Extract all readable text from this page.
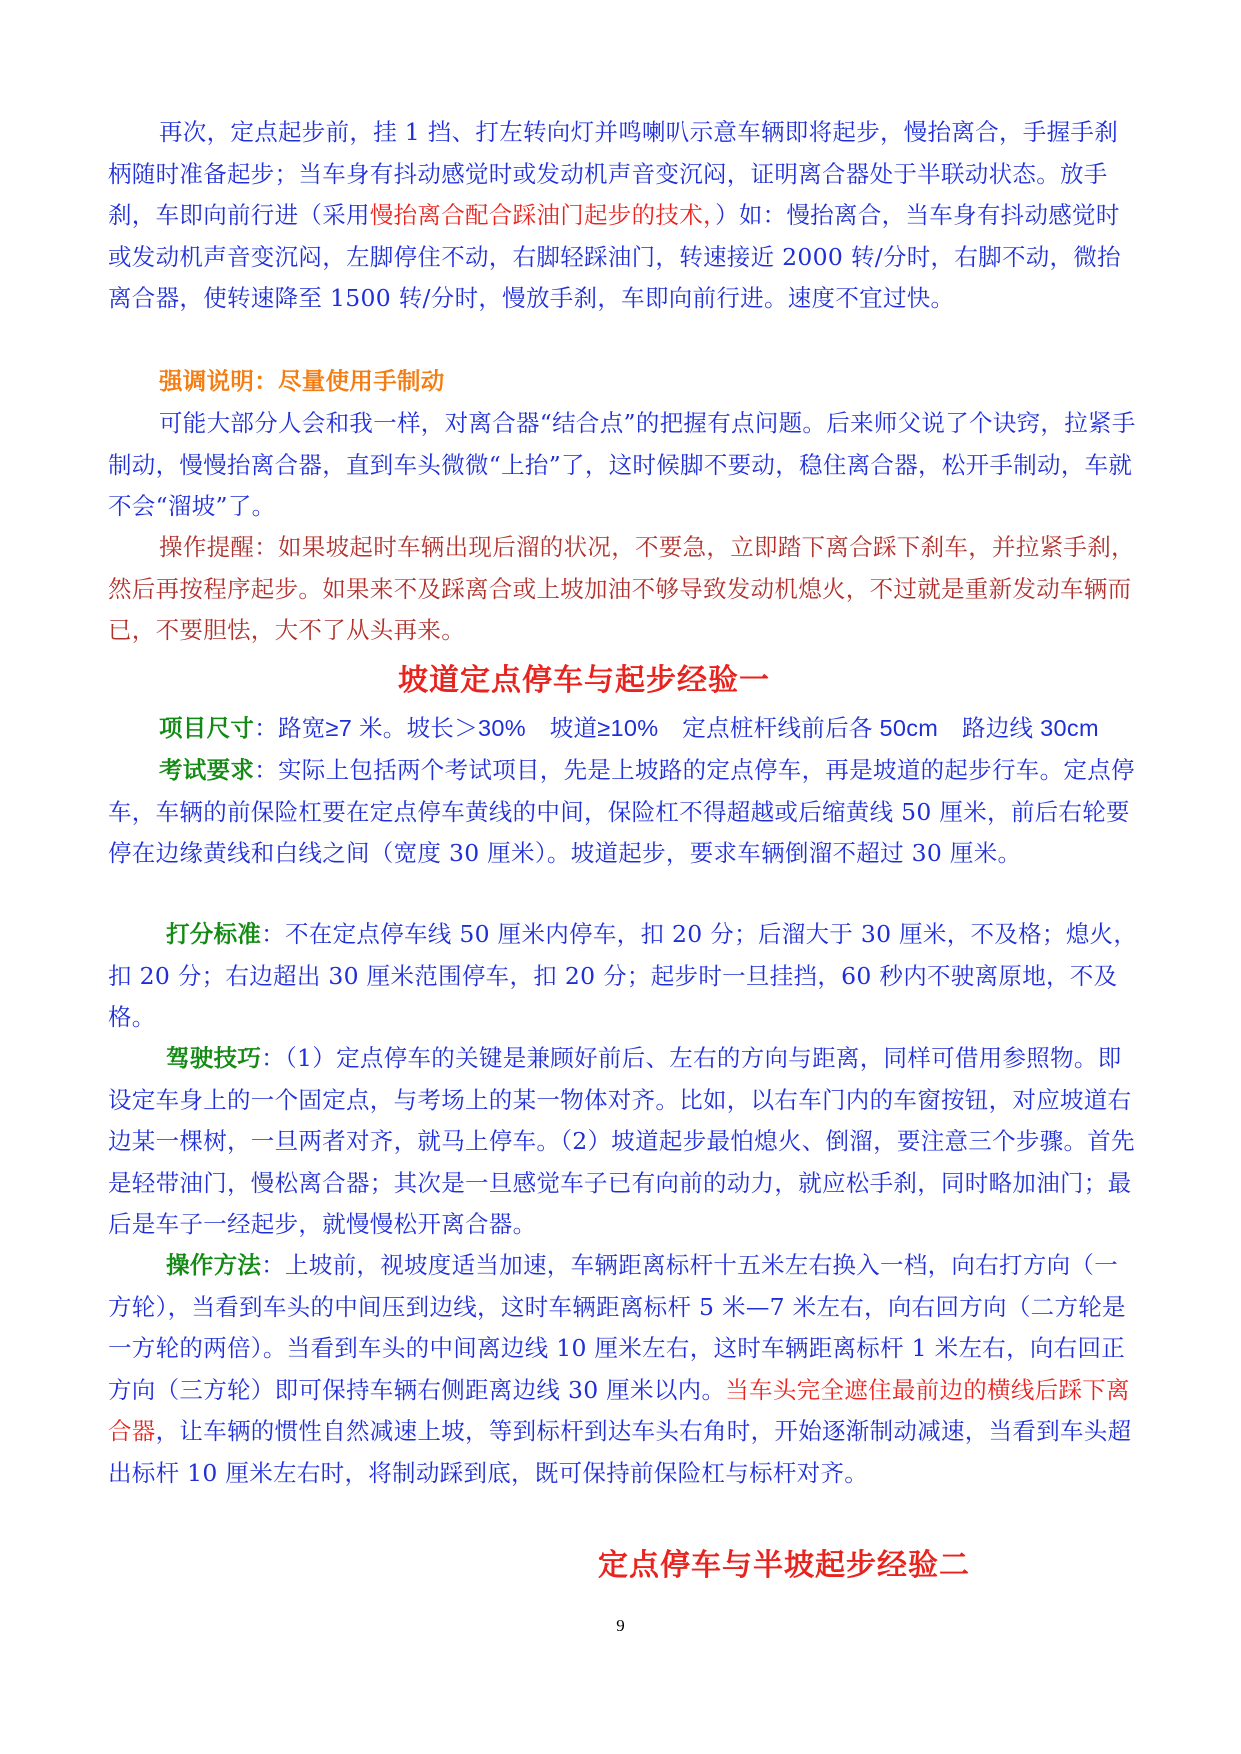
再次，定点起步前，挂 1 挡、打左转向灯并鸣喇叭示意车辆即将起步，慢抬离合，手握手刹柄随时准备起步；当车身有抖动感觉时或发动机声音变沉闷，证明离合器处于半联动状态。放手刹，车即向前行进（采用慢抬离合配合踩油门起步的技术，）如：慢抬离合，当车身有抖动感觉时或发动机声音变沉闷，左脚停住不动，右脚轻踩油门，转速接近 2000 转/分时，右脚不动，微抬离合器，使转速降至 1500 转/分时，慢放手刹，车即向前行进。速度不宜过快。
强调说明：尽量使用手制动
可能大部分人会和我一样，对离合器“结合点”的把握有点问题。后来师父说了个诀窍，拉紧手制动，慢慢抬离合器，直到车头微微“上抬”了，这时候脚不要动，稳住离合器，松开手制动，车就不会“溜坡”了。
操作提醒：如果坡起时车辆出现后溜的状况，不要急，立即踏下离合踩下刹车，并拉紧手刹，然后再按程序起步。如果来不及踩离合或上坡加油不够导致发动机熄火，不过就是重新发动车辆而已，不要胆怯，大不了从头再来。
坡道定点停车与起步经验一
项目尺寸：路宽≥7 米。坡长＞30%　坡道≥10%　定点桩杆线前后各 50cm　路边线 30cm
考试要求：实际上包括两个考试项目，先是上坡路的定点停车，再是坡道的起步行车。定点停车，车辆的前保险杠要在定点停车黄线的中间，保险杠不得超越或后缩黄线 50 厘米，前后右轮要停在边缘黄线和白线之间（宽度 30 厘米）。坡道起步，要求车辆倒溜不超过 30 厘米。
打分标准：不在定点停车线 50 厘米内停车，扣 20 分；后溜大于 30 厘米，不及格；熄火，扣 20 分；右边超出 30 厘米范围停车，扣 20 分；起步时一旦挂挡，60 秒内不驶离原地，不及格。
驾驶技巧：（1）定点停车的关键是兼顾好前后、左右的方向与距离，同样可借用参照物。即设定车身上的一个固定点，与考场上的某一物体对齐。比如，以右车门内的车窗按钮，对应坡道右边某一棵树，一旦两者对齐，就马上停车。（2）坡道起步最怕熄火、倒溜，要注意三个步骤。首先是轻带油门，慢松离合器；其次是一旦感觉车子已有向前的动力，就应松手刹，同时略加油门；最后是车子一经起步，就慢慢松开离合器。
操作方法：上坡前，视坡度适当加速，车辆距离标杆十五米左右换入一档，向右打方向（一方轮），当看到车头的中间压到边线，这时车辆距离标杆 5 米—7 米左右，向右回方向（二方轮是一方轮的两倍）。当看到车头的中间离边线 10 厘米左右，这时车辆距离标杆 1 米左右，向右回正方向（三方轮）即可保持车辆右侧距离边线 30 厘米以内。当车头完全遮住最前边的横线后踩下离合器，让车辆的惯性自然减速上坡，等到标杆到达车头右角时，开始逐渐制动减速，当看到车头超出标杆 10 厘米左右时，将制动踩到底，既可保持前保险杠与标杆对齐。
定点停车与半坡起步经验二
9
